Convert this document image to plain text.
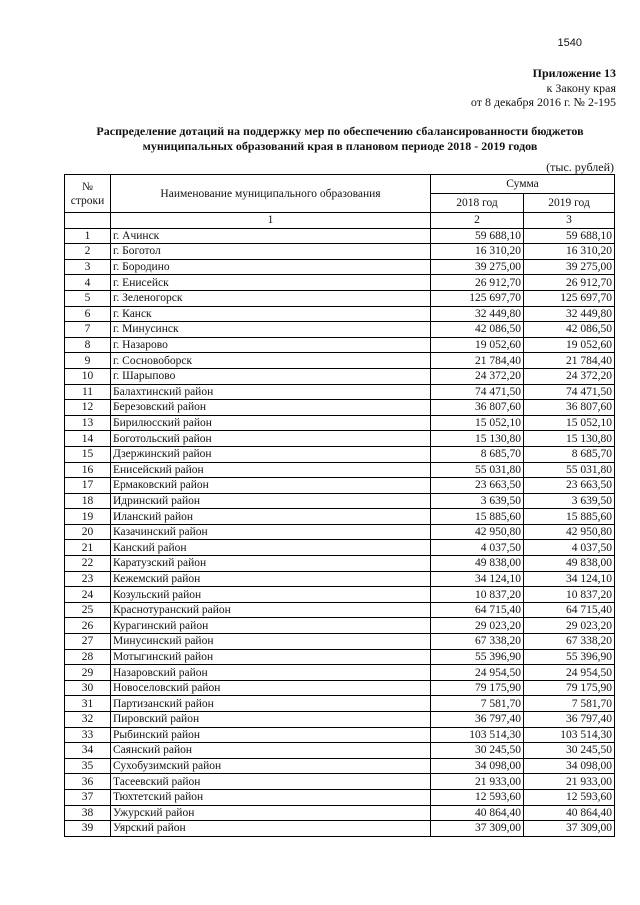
1540
Приложение 13
к Закону края
от 8 декабря 2016 г. № 2-195
Распределение дотаций на поддержку мер по обеспечению сбалансированности бюджетов
муниципальных образований края в плановом периоде 2018 - 2019 годов
(тыс. рублей)
№
строки	Наименование муниципального образования	Сумма	
		2018 год	2019 год
	1	2	3
1	г. Ачинск	59 688,10	59 688,10
2	г. Боготол	16 310,20	16 310,20
3	г. Бородино	39 275,00	39 275,00
4	г. Енисейск	26 912,70	26 912,70
5	г. Зеленогорск	125 697,70	125 697,70
6	г. Канск	32 449,80	32 449,80
7	г. Минусинск	42 086,50	42 086,50
8	г. Назарово	19 052,60	19 052,60
9	г. Сосновоборск	21 784,40	21 784,40
10	г. Шарыпово	24 372,20	24 372,20
11	Балахтинский район	74 471,50	74 471,50
12	Березовский район	36 807,60	36 807,60
13	Бирилюсский район	15 052,10	15 052,10
14	Боготольский район	15 130,80	15 130,80
15	Дзержинский район	8 685,70	8 685,70
16	Енисейский район	55 031,80	55 031,80
17	Ермаковский район	23 663,50	23 663,50
18	Идринский район	3 639,50	3 639,50
19	Иланский район	15 885,60	15 885,60
20	Казачинский район	42 950,80	42 950,80
21	Канский район	4 037,50	4 037,50
22	Каратузский район	49 838,00	49 838,00
23	Кежемский район	34 124,10	34 124,10
24	Козульский район	10 837,20	10 837,20
25	Краснотуранский район	64 715,40	64 715,40
26	Курагинский район	29 023,20	29 023,20
27	Минусинский район	67 338,20	67 338,20
28	Мотыгинский район	55 396,90	55 396,90
29	Назаровский район	24 954,50	24 954,50
30	Новоселовский район	79 175,90	79 175,90
31	Партизанский район	7 581,70	7 581,70
32	Пировский район	36 797,40	36 797,40
33	Рыбинский район	103 514,30	103 514,30
34	Саянский район	30 245,50	30 245,50
35	Сухобузимский район	34 098,00	34 098,00
36	Тасеевский район	21 933,00	21 933,00
37	Тюхтетский район	12 593,60	12 593,60
38	Ужурский район	40 864,40	40 864,40
39	Уярский район	37 309,00	37 309,00
